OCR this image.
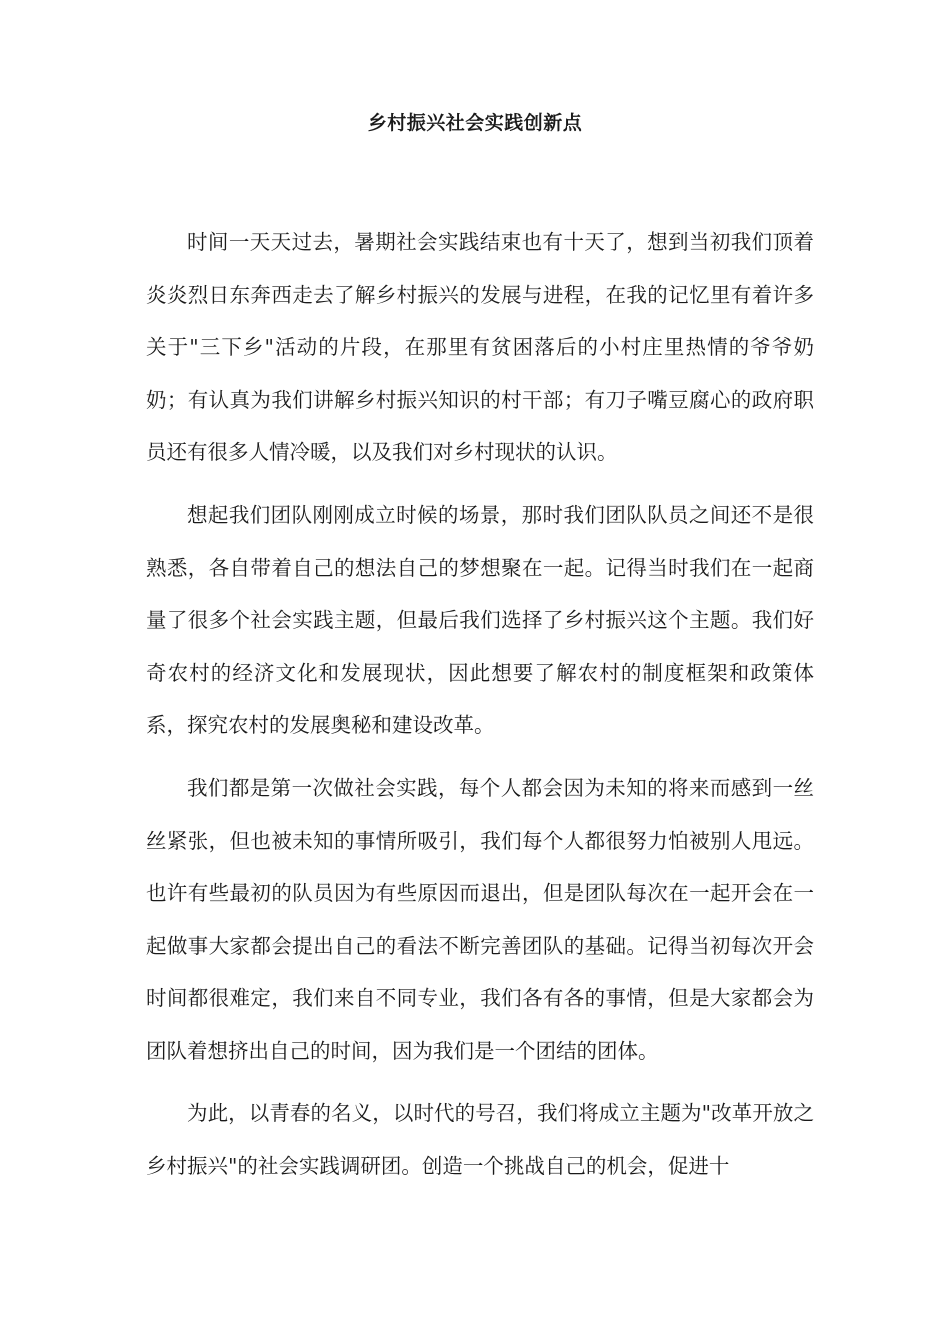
乡村振兴社会实践创新点

时间一天天过去，暑期社会实践结束也有十天了，想到当初我们顶着炎炎烈日东奔西走去了解乡村振兴的发展与进程，在我的记忆里有着许多关于"三下乡"活动的片段，在那里有贫困落后的小村庄里热情的爷爷奶奶；有认真为我们讲解乡村振兴知识的村干部；有刀子嘴豆腐心的政府职员还有很多人情冷暖，以及我们对乡村现状的认识。

想起我们团队刚刚成立时候的场景，那时我们团队队员之间还不是很熟悉，各自带着自己的想法自己的梦想聚在一起。记得当时我们在一起商量了很多个社会实践主题，但最后我们选择了乡村振兴这个主题。我们好奇农村的经济文化和发展现状，因此想要了解农村的制度框架和政策体系，探究农村的发展奥秘和建设改革。

我们都是第一次做社会实践，每个人都会因为未知的将来而感到一丝丝紧张，但也被未知的事情所吸引，我们每个人都很努力怕被别人甩远。也许有些最初的队员因为有些原因而退出，但是团队每次在一起开会在一起做事大家都会提出自己的看法不断完善团队的基础。记得当初每次开会时间都很难定，我们来自不同专业，我们各有各的事情，但是大家都会为团队着想挤出自己的时间，因为我们是一个团结的团体。

为此，以青春的名义，以时代的号召，我们将成立主题为"改革开放之乡村振兴"的社会实践调研团。创造一个挑战自己的机会，促进十
